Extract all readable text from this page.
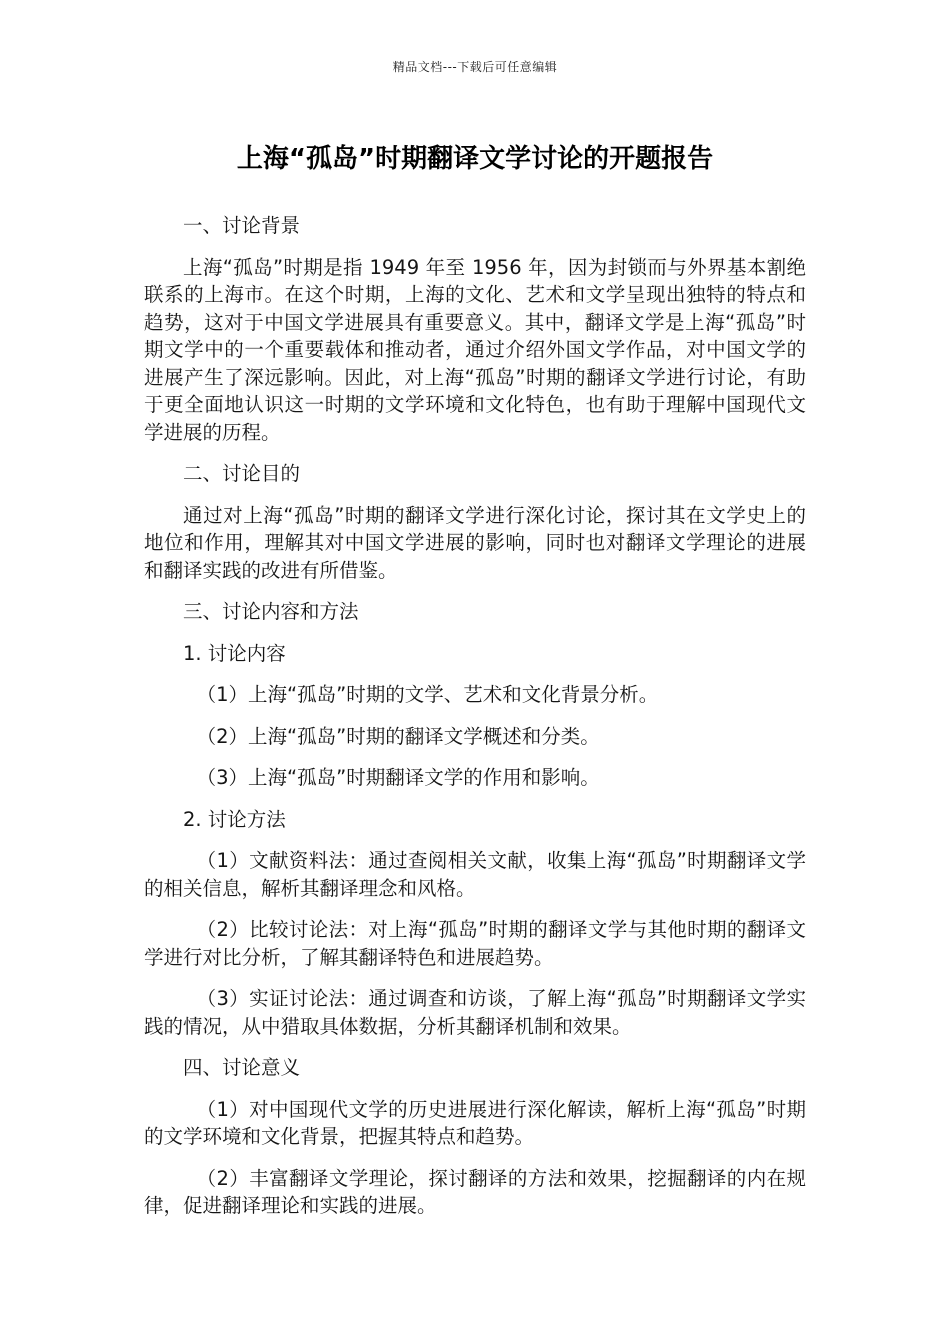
精品文档---下载后可任意编辑
上海“孤岛”时期翻译文学讨论的开题报告

一、讨论背景

上海“孤岛”时期是指 1949 年至 1956 年，因为封锁而与外界基本割绝联系的上海市。在这个时期，上海的文化、艺术和文学呈现出独特的特点和趋势，这对于中国文学进展具有重要意义。其中，翻译文学是上海“孤岛”时期文学中的一个重要载体和推动者，通过介绍外国文学作品，对中国文学的进展产生了深远影响。因此，对上海“孤岛”时期的翻译文学进行讨论，有助于更全面地认识这一时期的文学环境和文化特色，也有助于理解中国现代文学进展的历程。

二、讨论目的

通过对上海“孤岛”时期的翻译文学进行深化讨论，探讨其在文学史上的地位和作用，理解其对中国文学进展的影响，同时也对翻译文学理论的进展和翻译实践的改进有所借鉴。

三、讨论内容和方法

1. 讨论内容

（1）上海“孤岛”时期的文学、艺术和文化背景分析。

（2）上海“孤岛”时期的翻译文学概述和分类。

（3）上海“孤岛”时期翻译文学的作用和影响。

2. 讨论方法

（1）文献资料法：通过查阅相关文献，收集上海“孤岛”时期翻译文学的相关信息，解析其翻译理念和风格。

（2）比较讨论法：对上海“孤岛”时期的翻译文学与其他时期的翻译文学进行对比分析，了解其翻译特色和进展趋势。

（3）实证讨论法：通过调查和访谈，了解上海“孤岛”时期翻译文学实践的情况，从中猎取具体数据，分析其翻译机制和效果。

四、讨论意义

（1）对中国现代文学的历史进展进行深化解读，解析上海“孤岛”时期的文学环境和文化背景，把握其特点和趋势。

（2）丰富翻译文学理论，探讨翻译的方法和效果，挖掘翻译的内在规律，促进翻译理论和实践的进展。
